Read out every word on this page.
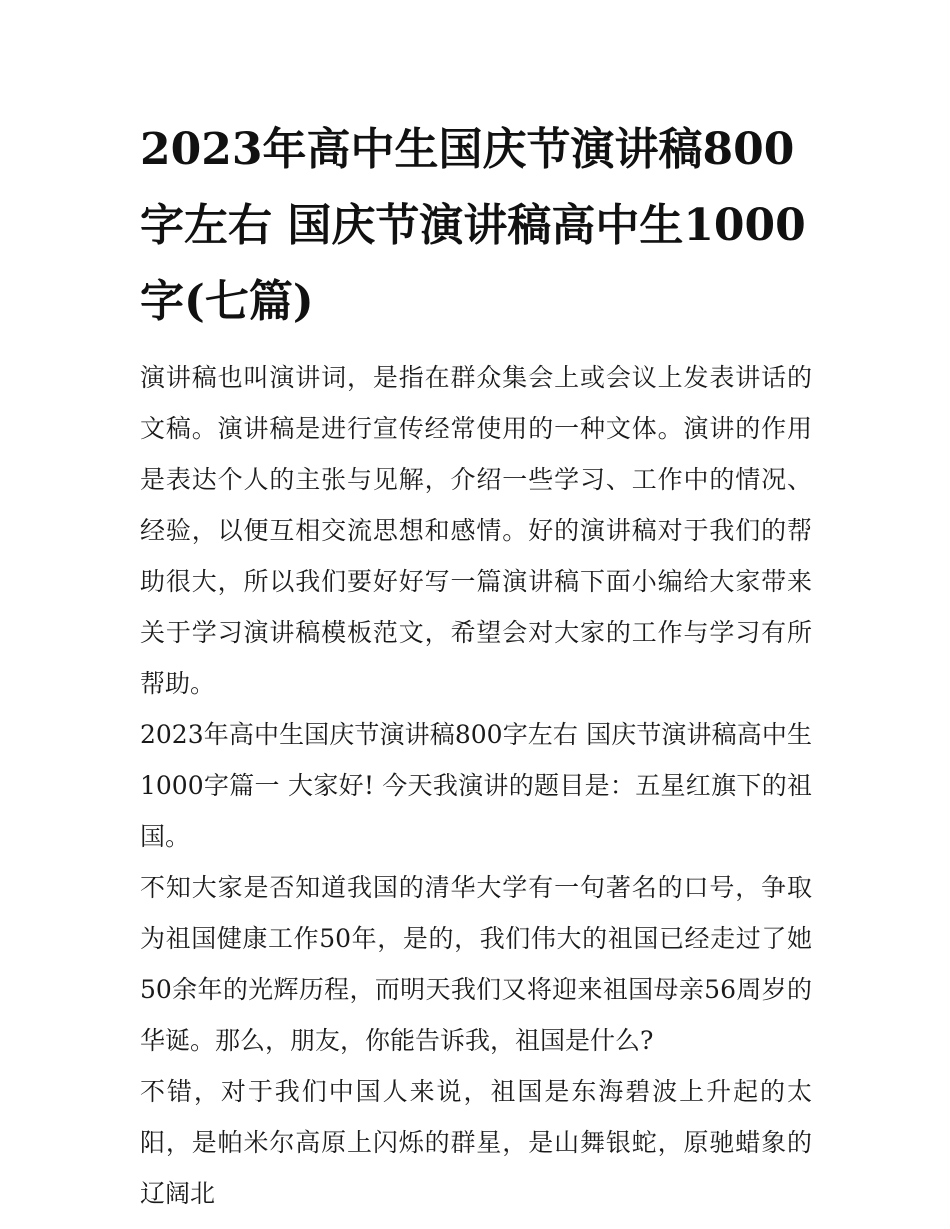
2023年高中生国庆节演讲稿800字左右 国庆节演讲稿高中生1000字(七篇)

演讲稿也叫演讲词，是指在群众集会上或会议上发表讲话的文稿。演讲稿是进行宣传经常使用的一种文体。演讲的作用是表达个人的主张与见解，介绍一些学习、工作中的情况、经验，以便互相交流思想和感情。好的演讲稿对于我们的帮助很大，所以我们要好好写一篇演讲稿下面小编给大家带来关于学习演讲稿模板范文，希望会对大家的工作与学习有所帮助。

2023年高中生国庆节演讲稿800字左右 国庆节演讲稿高中生1000字篇一 大家好! 今天我演讲的题目是：五星红旗下的祖国。

不知大家是否知道我国的清华大学有一句著名的口号，争取为祖国健康工作50年，是的，我们伟大的祖国已经走过了她50余年的光辉历程，而明天我们又将迎来祖国母亲56周岁的华诞。那么，朋友，你能告诉我，祖国是什么?

不错，对于我们中国人来说，祖国是东海碧波上升起的太阳，是帕米尔高原上闪烁的群星，是山舞银蛇，原驰蜡象的辽阔北
